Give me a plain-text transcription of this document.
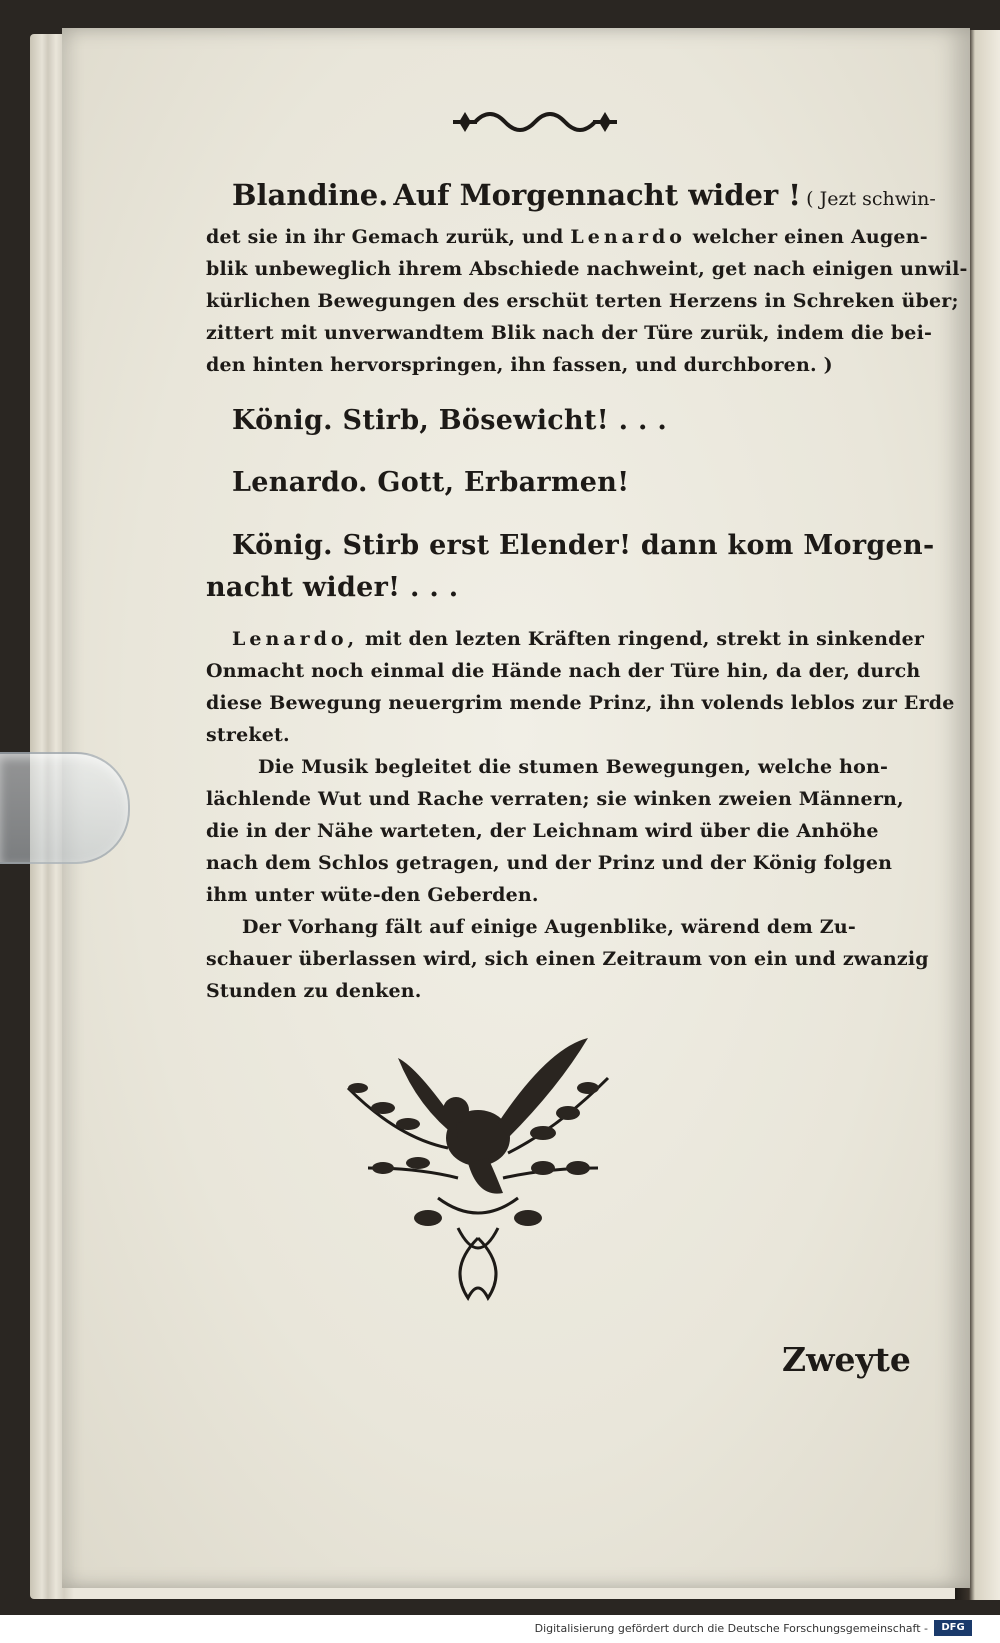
Blandine. Auf Morgennacht wider ! ( Jezt schwin-
det sie in ihr Gemach zurük, und Lenardo welcher einen Augen-
blik unbeweglich ihrem Abschiede nachweint, get nach einigen unwil-
kürlichen Bewegungen des erschüt terten Herzens in Schreken über;
zittert mit unverwandtem Blik nach der Türe zurük, indem die bei-
den hinten hervorspringen, ihn fassen, und durchboren. )
König. Stirb, Bösewicht! . . .
Lenardo. Gott, Erbarmen!
König. Stirb erst Elender! dann kom Morgen-
nacht wider! . . .
Lenardo, mit den lezten Kräften ringend, strekt in sinkender
Onmacht noch einmal die Hände nach der Türe hin, da der, durch
diese Bewegung neuergrim mende Prinz, ihn volends leblos zur Erde
streket.
Die Musik begleitet die stumen Bewegungen, welche hon-
lächlende Wut und Rache verraten; sie winken zweien Männern,
die in der Nähe warteten, der Leichnam wird über die Anhöhe
nach dem Schlos getragen, und der Prinz und der König folgen
ihm unter wüte-den Geberden.
Der Vorhang fält auf einige Augenblike, wärend dem Zu-
schauer überlassen wird, sich einen Zeitraum von ein und zwanzig
Stunden zu denken.
Zweyte
Digitalisierung gefördert durch die Deutsche Forschungsgemeinschaft -	DFG
